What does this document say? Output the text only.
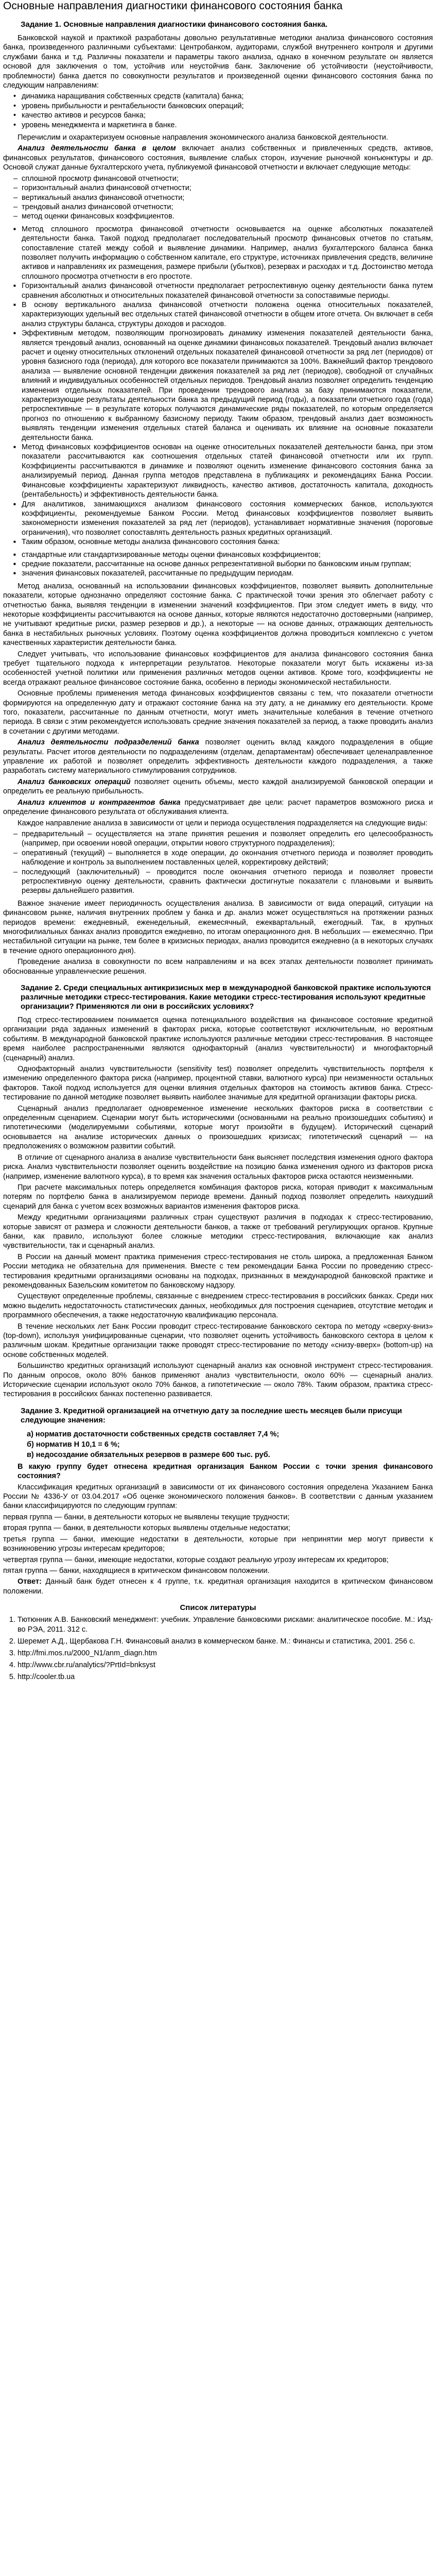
Основные направления диагностики финансового состояния банка
Задание 1. Основные направления диагностики финансового состояния банка.

Банковской наукой и практикой разработаны довольно результативные методики анализа финансового состояния банка, произведенного различными субъектами: Центробанком, аудиторами, службой внутреннего контроля и другими службами банка и т.д. Различны показатели и параметры такого анализа, однако в конечном результате он является основой для заключения о том, устойчив или неустойчив банк. Заключение об устойчивости (неустойчивости, проблемности) банка дается по совокупности результатов и произведенной оценки финансового состояния банка по следующим направлениям:

• динамика наращивания собственных средств (капитала) банка;
• уровень прибыльности и рентабельности банковских операций;
• качество активов и ресурсов банка;
• уровень менеджмента и маркетинга в банке.

Перечислим и охарактеризуем основные направления экономического анализа банковской деятельности.

Анализ деятельности банка в целом включает анализ собственных и привлеченных средств, активов, финансовых результатов, финансового состояния, выявление слабых сторон, изучение рыночной конъюнктуры и др. Основой служат данные бухгалтерского учета, публикуемой финансовой отчетности и включает следующие методы:

– сплошной просмотр финансовой отчетности;
– горизонтальный анализ финансовой отчетности;
– вертикальный анализ финансовой отчетности;
– трендовый анализ финансовой отчетности;
– метод оценки финансовых коэффициентов.
■ Метод сплошного просмотра финансовой отчетности основывается на оценке абсолютных показателей деятельности банка. Такой подход предполагает последовательный просмотр финансовых отчетов по статьям, сопоставление статей между собой и выявление динамики. Например, анализ бухгалтерского баланса банка позволяет получить информацию о собственном капитале, его структуре, источниках привлечения средств, величине активов и направлениях их размещения, размере прибыли (убытков), резервах и расходах и т.д. Достоинство метода сплошного просмотра отчетности в его простоте.
■ Горизонтальный анализ финансовой отчетности предполагает ретроспективную оценку деятельности банка путем сравнения абсолютных и относительных показателей финансовой отчетности за сопоставимые периоды.
■ В основу вертикального анализа финансовой отчетности положена оценка относительных показателей, характеризующих удельный вес отдельных статей финансовой отчетности в общем итоге отчета. Он включает в себя анализ структуры баланса, структуры доходов и расходов.
■ Эффективным методом, позволяющим прогнозировать динамику изменения показателей деятельности банка, является трендовый анализ, основанный на оценке динамики финансовых показателей. Трендовый анализ включает расчет и оценку относительных отклонений отдельных показателей финансовой отчетности за ряд лет (периодов) от уровня базисного года (периода), для которого все показатели принимаются за 100%. Важнейший фактор трендового анализа — выявление основной тенденции движения показателей за ряд лет (периодов), свободной от случайных влияний и индивидуальных особенностей отдельных периодов. Трендовый анализ позволяет определить тенденцию изменения отдельных показателей. При проведении трендового анализа за базу принимаются показатели, характеризующие результаты деятельности банка за предыдущий период (годы), а показатели отчетного года (года) ретроспективные — в результате которых получаются динамические ряды показателей, по которым определяется прогноз по отношению к выбранному базисному периоду. Таким образом, трендовый анализ дает возможность выявлять тенденции изменения отдельных статей баланса и оценивать их влияние на основные показатели деятельности банка.
■ Метод финансовых коэффициентов основан на оценке относительных показателей деятельности банка, при этом показатели рассчитываются как соотношения отдельных статей финансовой отчетности или их групп. Коэффициенты рассчитываются в динамике и позволяют оценить изменение финансового состояния банка за анализируемый период. Данная группа методов представлена в публикациях и рекомендациях Банка России. Финансовые коэффициенты характеризуют ликвидность, качество активов, достаточность капитала, доходность (рентабельность) и эффективность деятельности банка.
■ Для аналитиков, занимающихся анализом финансового состояния коммерческих банков, используются коэффициенты, рекомендуемые Банком России. Метод финансовых коэффициентов позволяет выявить закономерности изменения показателей за ряд лет (периодов), устанавливает нормативные значения (пороговые ограничения), что позволяет сопоставлять деятельность разных кредитных организаций.
■ Таким образом, основные методы анализа финансового состояния банка:
■ стандартные или стандартизированные методы оценки финансовых коэффициентов;
■ средние показатели, рассчитанные на основе данных репрезентативной выборки по банковским иным группам;
■ значения финансовых показателей, рассчитанные по предыдущим периодам.

Метод анализа, основанный на использовании финансовых коэффициентов, позволяет выявить дополнительные показатели, которые однозначно определяют состояние банка. С практической точки зрения это облегчает работу с отчетностью банка, выявляя тенденции в изменении значений коэффициентов. При этом следует иметь в виду, что некоторые коэффициенты рассчитываются на основе данных, которые являются недостаточно достоверными (например, не учитывают кредитные риски, размер резервов и др.), а некоторые — на основе данных, отражающих деятельность банка в нестабильных рыночных условиях. Поэтому оценка коэффициентов должна проводиться комплексно с учетом качественных характеристик деятельности банка.

Следует учитывать, что использование финансовых коэффициентов для анализа финансового состояния банка требует тщательного подхода к интерпретации результатов. Некоторые показатели могут быть искажены из-за особенностей учетной политики или применения различных методов оценки активов. Кроме того, коэффициенты не всегда отражают реальное финансовое состояние банка, особенно в периоды экономической нестабильности.

Основные проблемы применения метода финансовых коэффициентов связаны с тем, что показатели отчетности формируются на определенную дату и отражают состояние банка на эту дату, а не динамику его деятельности. Кроме того, показатели, рассчитанные по данным отчетности, могут иметь значительные колебания в течение отчетного периода. В связи с этим рекомендуется использовать средние значения показателей за период, а также проводить анализ в сочетании с другими методами.

Анализ деятельности подразделений банка позволяет оценить вклад каждого подразделения в общие результаты. Расчет итогов деятельности по подразделениям (отделам, департаментам) обеспечивает целенаправленное управление их работой и позволяет определить эффективность деятельности каждого подразделения, а также разработать систему материального стимулирования сотрудников.

Анализ банковских операций позволяет оценить объемы, место каждой анализируемой банковской операции и определить ее реальную прибыльность.

Анализ клиентов и контрагентов банка предусматривает две цели: расчет параметров возможного риска и определение финансового результата от обслуживания клиента.

Каждое направление анализа в зависимости от цели и периода осуществления подразделяется на следующие виды:

– предварительный – осуществляется на этапе принятия решения и позволяет определить его целесообразность (например, при освоении новой операции, открытии нового структурного подразделения);
– оперативный (текущий) – выполняется в ходе операции, до окончания отчетного периода и позволяет проводить наблюдение и контроль за выполнением поставленных целей, корректировку действий;
– последующий (заключительный) – проводится после окончания отчетного периода и позволяет провести ретроспективную оценку деятельности, сравнить фактически достигнутые показатели с плановыми и выявить резервы дальнейшего развития.

Важное значение имеет периодичность осуществления анализа. В зависимости от вида операций, ситуации на финансовом рынке, наличия внутренних проблем у банка и др. анализ может осуществляться на протяжении разных периодов времени: ежедневный, еженедельный, ежемесячный, ежеквартальный, ежегодный. Так, в крупных многофилиальных банках анализ проводится ежедневно, по итогам операционного дня. В небольших — ежемесячно. При нестабильной ситуации на рынке, тем более в кризисных периодах, анализ проводится ежедневно (а в некоторых случаях в течение одного операционного дня).

Проведение анализа в совокупности по всем направлениям и на всех этапах деятельности позволяет принимать обоснованные управленческие решения.

Задание 2. Среди специальных антикризисных мер в международной банковской практике используются различные методики стресс-тестирования. Какие методики стресс-тестирования используют кредитные организации? Применяются ли они в российских условиях?

Под стресс-тестированием понимается оценка потенциального воздействия на финансовое состояние кредитной организации ряда заданных изменений в факторах риска, которые соответствуют исключительным, но вероятным событиям. В международной банковской практике используются различные методики стресс-тестирования. В настоящее время наиболее распространенными являются однофакторный (анализ чувствительности) и многофакторный (сценарный) анализ.

Однофакторный анализ чувствительности (sensitivity test) позволяет определить чувствительность портфеля к изменению определенного фактора риска (например, процентной ставки, валютного курса) при неизменности остальных факторов. Такой подход используется для оценки влияния отдельных факторов на стоимость активов банка. Стресс-тестирование по данной методике позволяет выявить наиболее значимые для кредитной организации факторы риска.

Сценарный анализ предполагает одновременное изменение нескольких факторов риска в соответствии с определенным сценарием. Сценарии могут быть историческими (основанными на реально произошедших событиях) и гипотетическими (моделируемыми событиями, которые могут произойти в будущем). Исторический сценарий основывается на анализе исторических данных о произошедших кризисах; гипотетический сценарий — на предположениях о возможном развитии событий.

В отличие от сценарного анализа в анализе чувствительности банк выясняет последствия изменения одного фактора риска. Анализ чувствительности позволяет оценить воздействие на позицию банка изменения одного из факторов риска (например, изменение валютного курса), в то время как значения остальных факторов риска остаются неизменными.

При расчете максимальных потерь определяется комбинация факторов риска, которая приводит к максимальным потерям по портфелю банка в анализируемом периоде времени. Данный подход позволяет определить наихудший сценарий для банка с учетом всех возможных вариантов изменения факторов риска.

Между кредитными организациями различных стран существуют различия в подходах к стресс-тестированию, которые зависят от размера и сложности деятельности банков, а также от требований регулирующих органов. Крупные банки, как правило, используют более сложные методики стресс-тестирования, включающие как анализ чувствительности, так и сценарный анализ.

В России на данный момент практика применения стресс-тестирования не столь широка, а предложенная Банком России методика не обязательна для применения. Вместе с тем рекомендации Банка России по проведению стресс-тестирования кредитными организациями основаны на подходах, признанных в международной банковской практике и рекомендованных Базельским комитетом по банковскому надзору.

Существуют определенные проблемы, связанные с внедрением стресс-тестирования в российских банках. Среди них можно выделить недостаточность статистических данных, необходимых для построения сценариев, отсутствие методик и программного обеспечения, а также недостаточную квалификацию персонала.

В течение нескольких лет Банк России проводит стресс-тестирование банковского сектора по методу «сверху-вниз» (top-down), используя унифицированные сценарии, что позволяет оценить устойчивость банковского сектора в целом к различным шокам. Кредитные организации также проводят стресс-тестирование по методу «снизу-вверх» (bottom-up) на основе собственных моделей.

Большинство кредитных организаций используют сценарный анализ как основной инструмент стресс-тестирования. По данным опросов, около 80% банков применяют анализ чувствительности, около 60% — сценарный анализ. Исторические сценарии используют около 70% банков, а гипотетические — около 78%. Таким образом, практика стресс-тестирования в российских банках постепенно развивается.

Задание 3. Кредитной организацией на отчетную дату за последние шесть месяцев были присущи следующие значения:
а) норматив достаточности собственных средств составляет 7,4 %;
б) норматив Н 10,1 = 6 %;
в) недосоздание обязательных резервов в размере 600 тыс. руб.

В какую группу будет отнесена кредитная организация Банком России с точки зрения финансового состояния?

Классификация кредитных организаций в зависимости от их финансового состояния определена Указанием Банка России № 4336-У от 03.04.2017 «Об оценке экономического положения банков». В соответствии с данным указанием банки классифицируются по следующим группам:

первая группа — банки, в деятельности которых не выявлены текущие трудности;

вторая группа — банки, в деятельности которых выявлены отдельные недостатки;

третья группа — банки, имеющие недостатки в деятельности, которые при непринятии мер могут привести к возникновению угрозы интересам кредиторов;

четвертая группа — банки, имеющие недостатки, которые создают реальную угрозу интересам их кредиторов;

пятая группа — банки, находящиеся в критическом финансовом положении.

Ответ: Данный банк будет отнесен к 4 группе, т.к. кредитная организация находится в критическом финансовом положении.

Список литературы
1. Тютюнник А.В. Банковский менеджмент: учебник. Управление банковскими рисками: аналитическое пособие. М.: Изд-во РЭА, 2011. 312 с.
2. Шеремет А.Д., Щербакова Г.Н. Финансовый анализ в коммерческом банке. М.: Финансы и статистика, 2001. 256 с.
3. http://fmi.mos.ru/2000_N1/anm_diagn.htm
4. http://www.cbr.ru/analytics/?PrtId=bnksyst
5. http://cooler.tb.ua
